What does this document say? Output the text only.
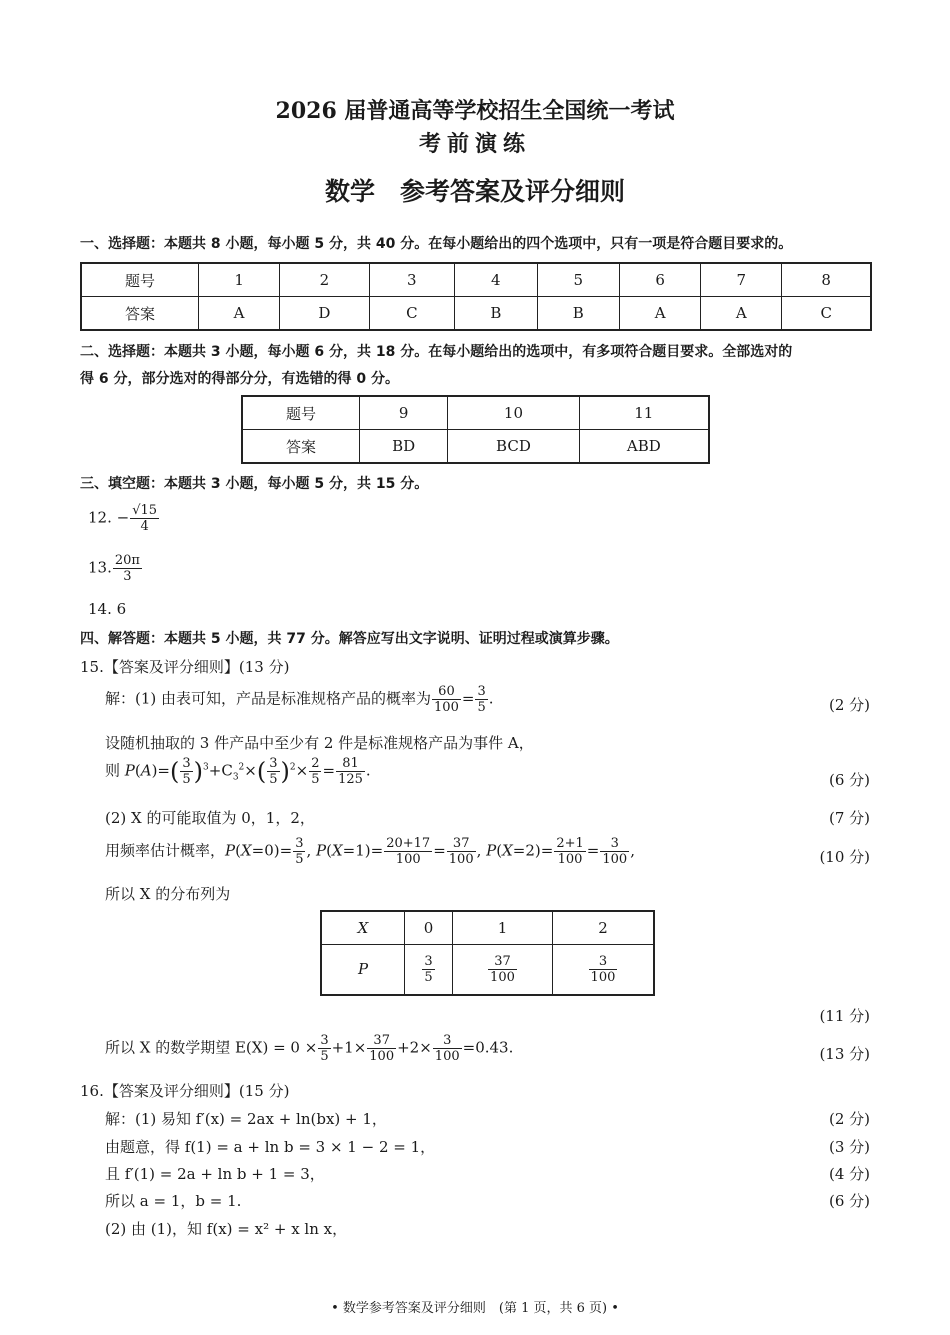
2026 届普通高等学校招生全国统一考试
考前演练
数学　参考答案及评分细则
一、选择题：本题共 8 小题，每小题 5 分，共 40 分。在每小题给出的四个选项中，只有一项是符合题目要求的。
题号	1	2	3	4	5	6	7	8
答案	A	D	C	B	B	A	A	C
二、选择题：本题共 3 小题，每小题 6 分，共 18 分。在每小题给出的选项中，有多项符合题目要求。全部选对的
得 6 分，部分选对的得部分分，有选错的得 0 分。
题号	9	10	11
答案	BD	BCD	ABD
三、填空题：本题共 3 小题，每小题 5 分，共 15 分。
12. − $\frac{√15}{4}$
13. $\frac{20\pi}{3}$
14. 6
四、解答题：本题共 5 小题，共 77 分。解答应写出文字说明、证明过程或演算步骤。
15.【答案及评分细则】(13 分)
解：(1) 由表可知，产品是标准规格产品的概率为 $\frac{60}{100} = \frac{3}{5}$ .	(2 分)
设随机抽取的 3 件产品中至少有 2 件是标准规格产品为事件 A，
则 $P(A)=( \frac{3}{5} )^3+C_3^2\times( \frac{3}{5} )^2\times \frac{2}{5} = \frac{81}{125}$ .
(6 分)
(2) X 的可能取值为 0，1，2，	(7 分)
用频率估计概率，$P(X=0)= \frac{3}{5}$ , $P(X=1)= \frac{20+17}{100} = \frac{37}{100}$ , $P(X=2)= \frac{2+1}{100} = \frac{3}{100}$ ,	(10 分)
所以 X 的分布列为
X	0	1	2
P	$\frac{3}{5}$	$\frac{37}{100}$	$\frac{3}{100}$
(11 分)
所以 X 的数学期望 $E(X) = 0 \times \frac{3}{5} +1\times \frac{37}{100} +2\times \frac{3}{100} =0.43$.	(13 分)
16.【答案及评分细则】(15 分)
解：(1) 易知 f′(x) = 2ax + ln(bx) + 1，	(2 分)
由题意，得 f(1) = a + ln b = 3 × 1 − 2 = 1，	(3 分)
且 f′(1) = 2a + ln b + 1 = 3，	(4 分)
所以 a = 1，b = 1.	(6 分)
(2) 由 (1)，知 f(x) = x² + x ln x，
• 数学参考答案及评分细则　(第 1 页，共 6 页) •
